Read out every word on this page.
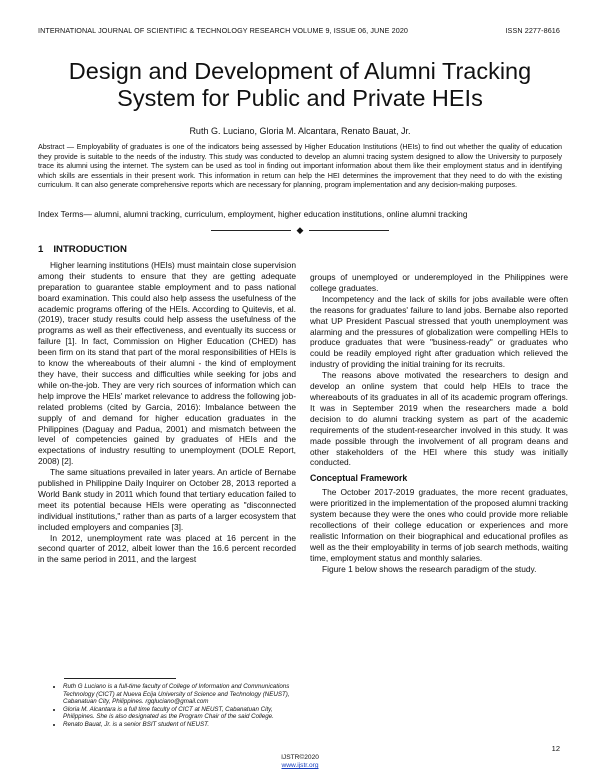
INTERNATIONAL JOURNAL OF SCIENTIFIC & TECHNOLOGY RESEARCH VOLUME 9, ISSUE 06, JUNE 2020	ISSN 2277-8616
Design and Development of Alumni Tracking
System for Public and Private HEIs
Ruth G. Luciano, Gloria M. Alcantara, Renato Bauat, Jr.

Abstract — Employability of graduates is one of the indicators being assessed by Higher Education Institutions (HEIs) to find out whether the quality of education they provide is suitable to the needs of the industry. This study was conducted to develop an alumni tracing system designed to allow the University to purposely trace its alumni using the internet. The system can be used as tool in finding out important information about them like their employment status and in identifying which skills are essentials in their present work. This information in return can help the HEI determines the improvement that they need to do with the existing curriculum. It can also generate comprehensive reports which are necessary for planning, program implementation and any decision-making purposes.

Index Terms— alumni, alumni tracking, curriculum, employment, higher education institutions, online alumni tracking

◆
1 INTRODUCTION

Higher learning institutions (HEIs) must maintain close supervision among their students to ensure that they are getting adequate preparation to guarantee stable employment and to pass national board examination. This could also help assess the usefulness of the academic programs offering of the HEIs. According to Quitevis, et al. (2019), tracer study results could help assess the usefulness of the programs as well as their effectiveness, and eventually its success or failure [1]. In fact, Commission on Higher Education (CHED) has been firm on its stand that part of the moral responsibilities of HEIs is to know the whereabouts of their alumni - the kind of employment they have, their success and difficulties while seeking for jobs and while on-the-job. They are very rich sources of information which can help improve the HEIs' market relevance to address the following job-related problems (cited by Garcia, 2016): Imbalance between the supply of and demand for higher education graduates in the Philippines (Daguay and Padua, 2001) and mismatch between the level of competencies gained by graduates of HEIs and the expectations of industry resulting to unemployment (DOLE Report, 2008) [2].

The same situations prevailed in later years. An article of Bernabe published in Philippine Daily Inquirer on October 28, 2013 reported a World Bank study in 2011 which found that tertiary education failed to meet its potential because HEIs were operating as "disconnected individual institutions," rather than as parts of a larger ecosystem that included employers and companies [3].

In 2012, unemployment rate was placed at 16 percent in the second quarter of 2012, albeit lower than the 16.6 percent recorded in the same period in 2011, and the largest

groups of unemployed or underemployed in the Philippines were college graduates.

Incompetency and the lack of skills for jobs available were often the reasons for graduates' failure to land jobs. Bernabe also reported what UP President Pascual stressed that youth unemployment was alarming and the pressures of globalization were compelling HEIs to produce graduates that were "business-ready" or graduates who could be readily employed right after graduation which relieved the industry of providing the initial training for its recruits.

The reasons above motivated the researchers to design and develop an online system that could help HEIs to trace the whereabouts of its graduates in all of its academic program offerings. It was in September 2019 when the researchers made a bold decision to do alumni tracking system as part of the academic requirements of the student-researcher involved in this study. It was made possible through the involvement of all program deans and other stakeholders of the HEI where this study was initially conducted.

Conceptual Framework

The October 2017-2019 graduates, the more recent graduates, were prioritized in the implementation of the proposed alumni tracking system because they were the ones who could provide more reliable recollections of their college education or experiences and more realistic Information on their biographical and educational profiles as well as the their employability in terms of job search methods, waiting time, employment status and monthly salaries.

Figure 1 below shows the research paradigm of the study.

• Ruth G Luciano is a full-time faculty of College of Information and Communications Technology (CICT) at Nueva Ecija University of Science and Technology (NEUST), Cabanatuan City, Philippines. rgqluciano@gmail.com
• Gloria M. Alcantara is a full time faculty of CICT at NEUST, Cabanatuan City, Philippines. She is also designated as the Program Chair of the said College.
• Renato Bauat, Jr. is a senior BSIT student of NEUST.
12
IJSTR©2020
www.ijstr.org
